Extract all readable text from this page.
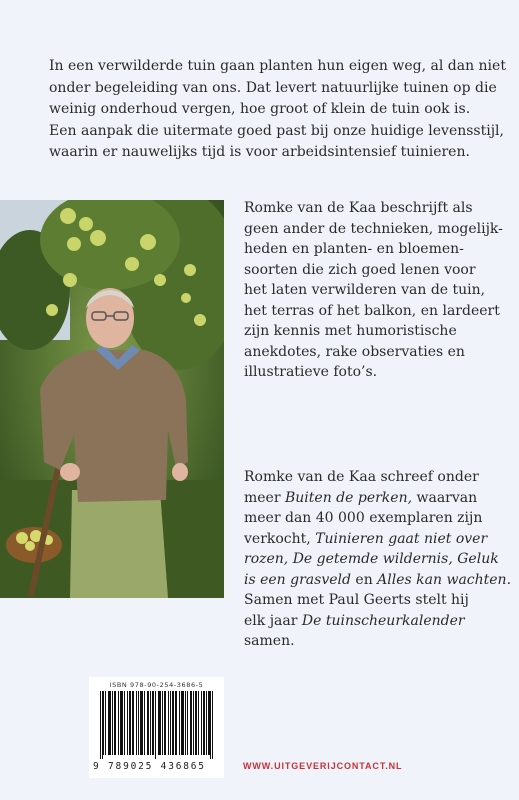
In een verwilderde tuin gaan planten hun eigen weg, al dan niet
onder begeleiding van ons. Dat levert natuurlijke tuinen op die
weinig onderhoud vergen, hoe groot of klein de tuin ook is.
Een aanpak die uitermate goed past bij onze huidige levensstijl,
waarin er nauwelijks tijd is voor arbeidsintensief tuinieren.
Romke van de Kaa beschrijft als
geen ander de technieken, mogelijk-
heden en planten- en bloemen-
soorten die zich goed lenen voor
het laten verwilderen van de tuin,
het terras of het balkon, en lardeert
zijn kennis met humoristische
anekdotes, rake observaties en
illustratieve foto’s.
Romke van de Kaa schreef onder
meer Buiten de perken, waarvan
meer dan 40 000 exemplaren zijn
verkocht, Tuinieren gaat niet over
rozen, De getemde wildernis, Geluk
is een grasveld en Alles kan wachten.
Samen met Paul Geerts stelt hij
elk jaar De tuinscheurkalender
samen.
ISBN 978-90-254-3686-5
9 789025 436865	WWW.UITGEVERIJCONTACT.NL
